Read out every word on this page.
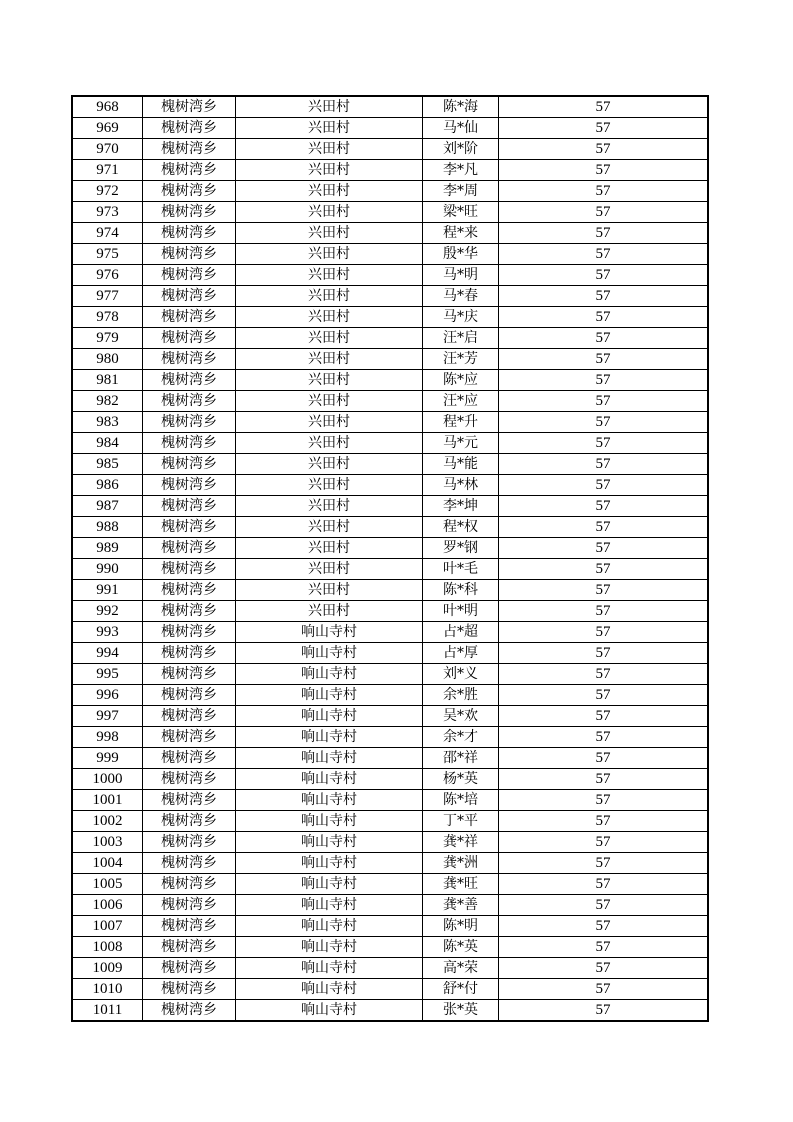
968	槐树湾乡	兴田村	陈*海	57
969	槐树湾乡	兴田村	马*仙	57
970	槐树湾乡	兴田村	刘*阶	57
971	槐树湾乡	兴田村	李*凡	57
972	槐树湾乡	兴田村	李*周	57
973	槐树湾乡	兴田村	梁*旺	57
974	槐树湾乡	兴田村	程*来	57
975	槐树湾乡	兴田村	殷*华	57
976	槐树湾乡	兴田村	马*明	57
977	槐树湾乡	兴田村	马*春	57
978	槐树湾乡	兴田村	马*庆	57
979	槐树湾乡	兴田村	汪*启	57
980	槐树湾乡	兴田村	汪*芳	57
981	槐树湾乡	兴田村	陈*应	57
982	槐树湾乡	兴田村	汪*应	57
983	槐树湾乡	兴田村	程*升	57
984	槐树湾乡	兴田村	马*元	57
985	槐树湾乡	兴田村	马*能	57
986	槐树湾乡	兴田村	马*林	57
987	槐树湾乡	兴田村	李*坤	57
988	槐树湾乡	兴田村	程*权	57
989	槐树湾乡	兴田村	罗*钢	57
990	槐树湾乡	兴田村	叶*毛	57
991	槐树湾乡	兴田村	陈*科	57
992	槐树湾乡	兴田村	叶*明	57
993	槐树湾乡	响山寺村	占*超	57
994	槐树湾乡	响山寺村	占*厚	57
995	槐树湾乡	响山寺村	刘*义	57
996	槐树湾乡	响山寺村	余*胜	57
997	槐树湾乡	响山寺村	吴*欢	57
998	槐树湾乡	响山寺村	余*才	57
999	槐树湾乡	响山寺村	邵*祥	57
1000	槐树湾乡	响山寺村	杨*英	57
1001	槐树湾乡	响山寺村	陈*培	57
1002	槐树湾乡	响山寺村	丁*平	57
1003	槐树湾乡	响山寺村	龚*祥	57
1004	槐树湾乡	响山寺村	龚*洲	57
1005	槐树湾乡	响山寺村	龚*旺	57
1006	槐树湾乡	响山寺村	龚*善	57
1007	槐树湾乡	响山寺村	陈*明	57
1008	槐树湾乡	响山寺村	陈*英	57
1009	槐树湾乡	响山寺村	高*荣	57
1010	槐树湾乡	响山寺村	舒*付	57
1011	槐树湾乡	响山寺村	张*英	57
